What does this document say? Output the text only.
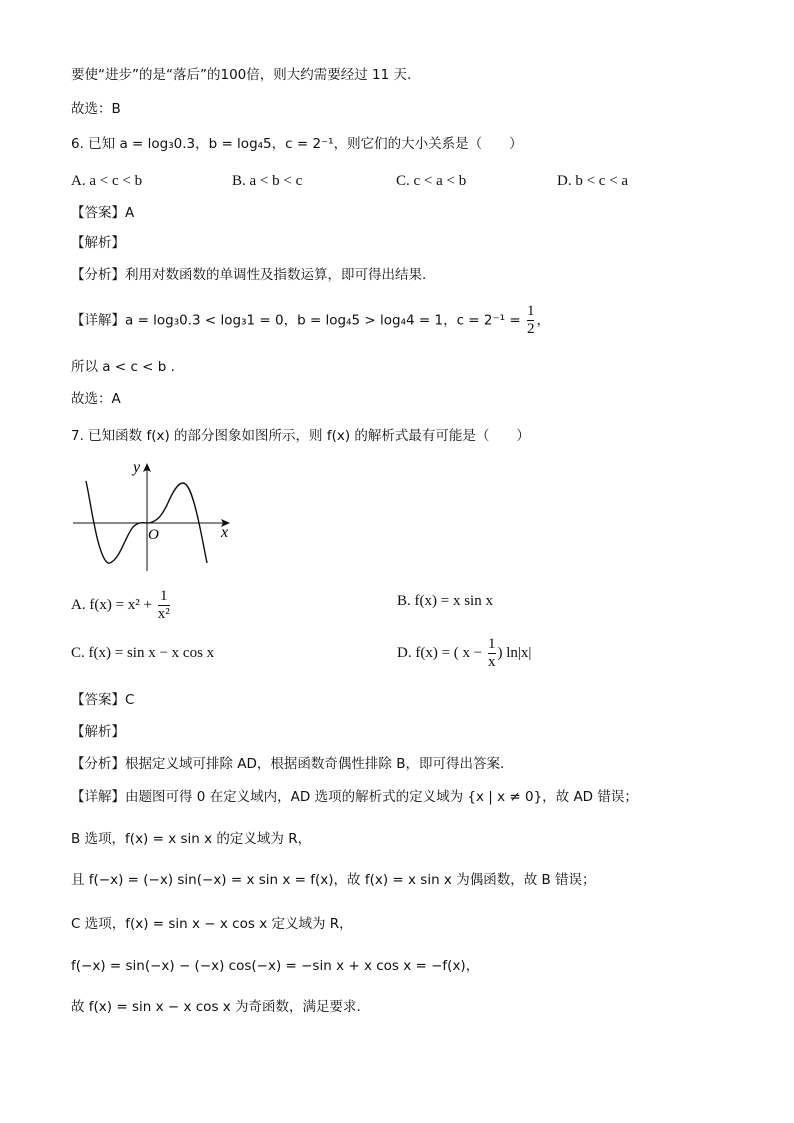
要使“进步”的是“落后”的100倍，则大约需要经过 11 天.
故选：B
6. 已知 a = log₃0.3，b = log₄5，c = 2⁻¹，则它们的大小关系是（　　）
A. a < c < b	B. a < b < c	C. c < a < b	D. b < c < a
【答案】A
【解析】
【分析】利用对数函数的单调性及指数运算，即可得出结果.
【详解】a = log₃0.3 < log₃1 = 0，b = log₄5 > log₄4 = 1，$c = 2^{-1} = \frac{1}{2}$ ，
所以 a < c < b .
故选：A
7. 已知函数 f(x) 的部分图象如图所示，则 f(x) 的解析式最有可能是（　　）
y
x
O
A. $f(x) = x^2 + \frac{1}{\text{x²}}$	B. f(x) = x sin x
C. f(x) = sin x − x cos x	D. f(x) = ( $x - \frac{1}{x}$ ) ln|x|
【答案】C
【解析】
【分析】根据定义域可排除 AD，根据函数奇偶性排除 B，即可得出答案.
【详解】由题图可得 0 在定义域内，AD 选项的解析式的定义域为 {x | x ≠ 0}，故 AD 错误；
B 选项，f(x) = x sin x 的定义域为 R，
且 f(−x) = (−x) sin(−x) = x sin x = f(x)，故 f(x) = x sin x 为偶函数，故 B 错误；
C 选项，f(x) = sin x − x cos x 定义域为 R，
f(−x) = sin(−x) − (−x) cos(−x) = −sin x + x cos x = −f(x)，
故 f(x) = sin x − x cos x 为奇函数，满足要求.
